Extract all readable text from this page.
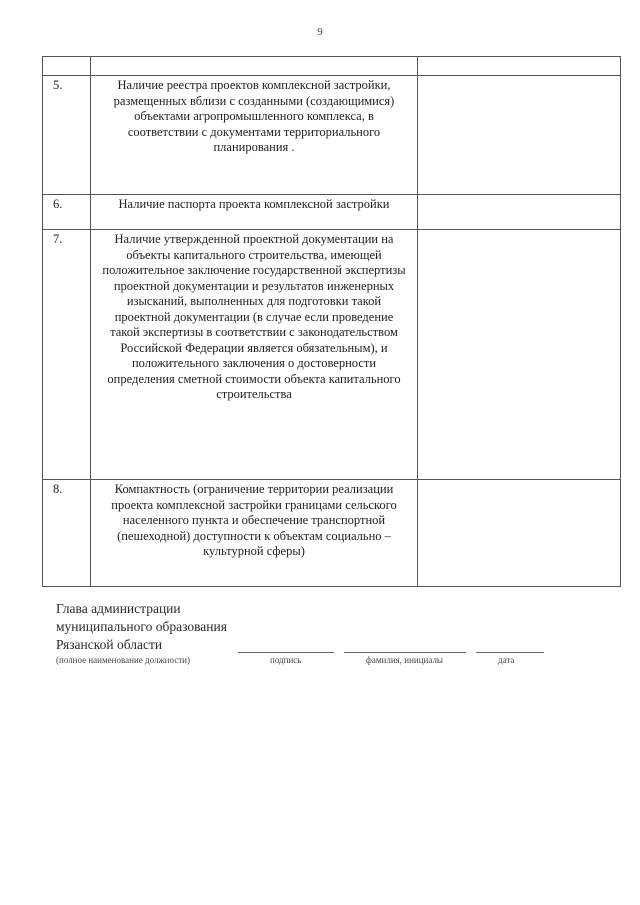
9

5.	Наличие реестра проектов комплексной застройки, размещенных вблизи с созданными (создающимися) объектами агропромышленного комплекса, в соответствии с документами территориального планирования .	
6.	Наличие паспорта проекта комплексной застройки	
7.	Наличие утвержденной проектной документации на объекты капитального строительства, имеющей положительное заключение государственной экспертизы проектной документации и результатов инженерных изысканий, выполненных для подготовки такой проектной документации (в случае если проведение такой экспертизы в соответствии с законодательством Российской Федерации является обязательным), и положительного заключения о достоверности определения сметной стоимости объекта капитального строительства	
8.	Компактность (ограничение территории реализации проекта комплексной застройки границами сельского населенного пункта и обеспечение транспортной (пешеходной) доступности к объектам социально – культурной сферы)	
Глава администрации
муниципального образования
Рязанской области
(полное наименование должности)	подпись	фамилия, инициалы	дата
